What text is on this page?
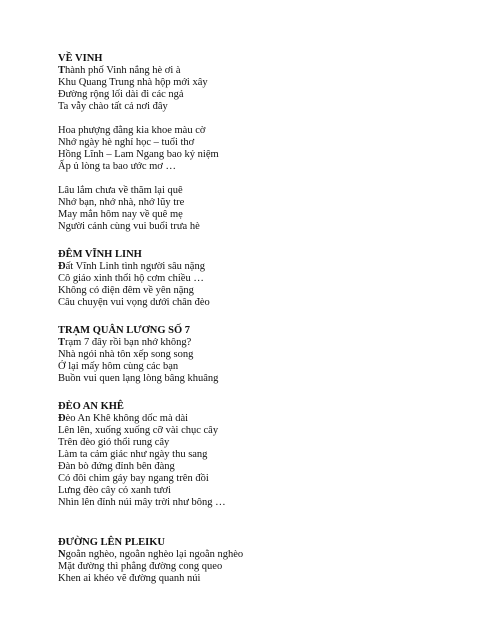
VỀ VINH
Thành phố Vinh nắng hè ơi à
Khu Quang Trung nhà hộp mới xây
Đường rộng lối dài đi các ngả
Ta vẫy chào tất cả nơi đây
Hoa phượng đằng kia khoe màu cờ
Nhớ ngày hè nghỉ học – tuổi thơ
Hồng Lĩnh – Lam Ngang bao kỷ niệm
Ấp ủ lòng ta bao ước mơ …
Lâu lắm chưa về thăm lại quê
Nhớ bạn, nhớ nhà, nhớ lũy tre
May mắn hôm nay về quê mẹ
Người cảnh cùng vui buổi trưa hè
ĐÊM VĨNH LINH
Đất Vĩnh Linh tình người sâu nặng
Cô giáo xinh thổi hộ cơm chiều …
Không có điện đêm về yên nặng
Câu chuyện vui vọng dưới chân đèo
TRẠM QUÂN LƯƠNG SỐ 7
Trạm 7 đây rồi bạn nhớ không?
Nhà ngói nhà tôn xếp song song
Ở lại mấy hôm cùng các bạn
Buồn vui quen lạng lòng bâng khuâng
ĐÈO AN KHÊ
Đèo An Khê không dốc mà dài
Lên lên, xuống xuống cỡ vài chục cây
Trên đèo gió thổi rung cây
Làm ta cảm giác như ngày thu sang
Đàn bò đứng đỉnh bên đàng
Có đôi chim gáy bay ngang trên đồi
Lưng đèo cây cỏ xanh tươi
Nhìn lên đỉnh núi mây trời như bông …
ĐƯỜNG LÊN PLEIKU
Ngoằn nghèo, ngoằn nghèo lại ngoằn nghèo
Mặt đường thì phẳng đường cong queo
Khen ai khéo vẽ đường quanh núi
